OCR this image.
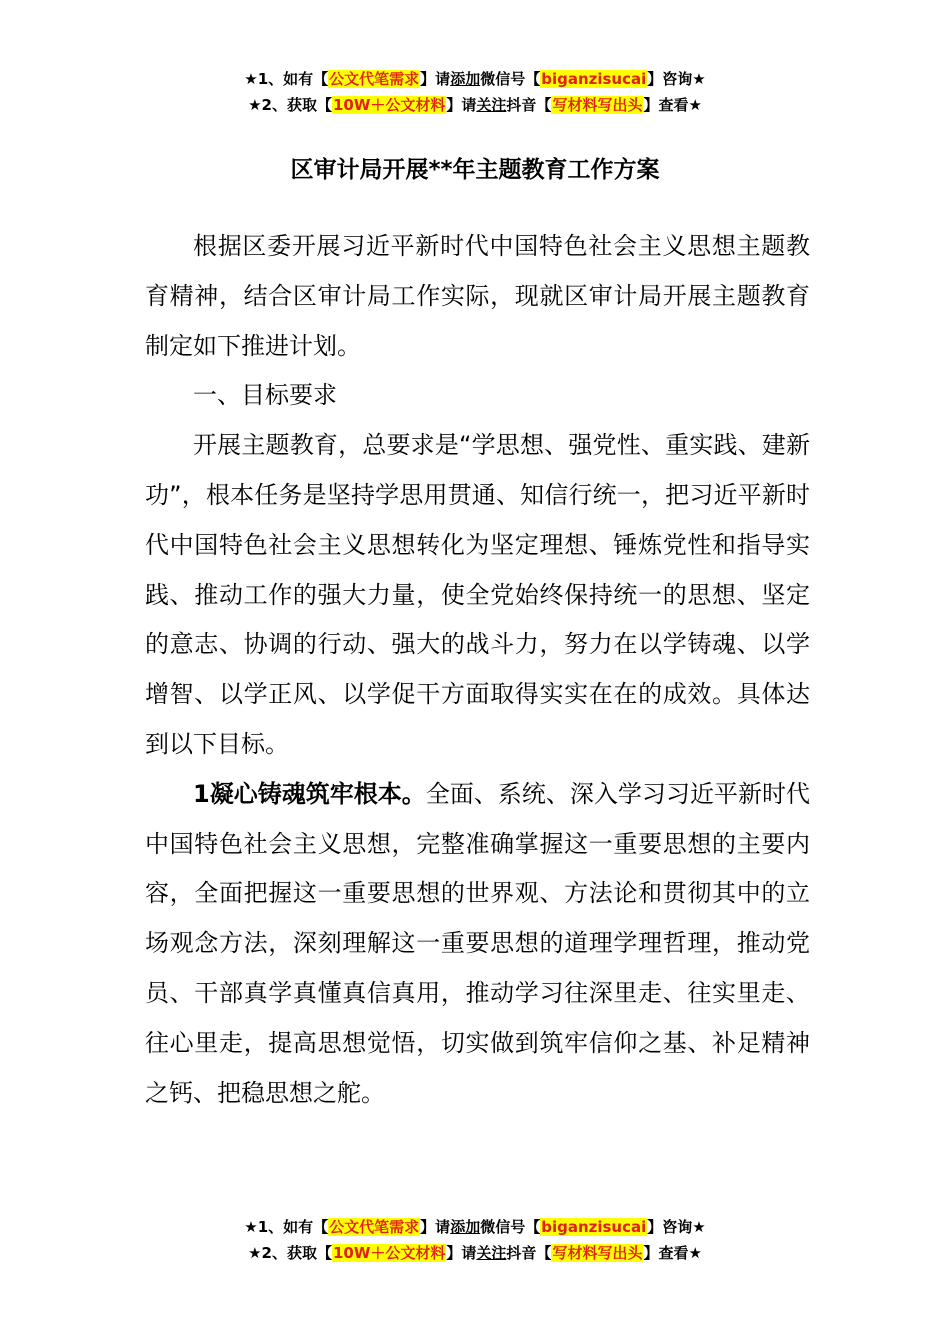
★1、如有【公文代笔需求】请添加微信号【biganzisucai】咨询★
★2、获取【10W＋公文材料】请关注抖音【写材料写出头】查看★
区审计局开展**年主题教育工作方案

根据区委开展习近平新时代中国特色社会主义思想主题教育精神，结合区审计局工作实际，现就区审计局开展主题教育制定如下推进计划。

一、目标要求

开展主题教育，总要求是“学思想、强党性、重实践、建新功”，根本任务是坚持学思用贯通、知信行统一，把习近平新时代中国特色社会主义思想转化为坚定理想、锤炼党性和指导实践、推动工作的强大力量，使全党始终保持统一的思想、坚定的意志、协调的行动、强大的战斗力，努力在以学铸魂、以学增智、以学正风、以学促干方面取得实实在在的成效。具体达到以下目标。

1凝心铸魂筑牢根本。全面、系统、深入学习习近平新时代中国特色社会主义思想，完整准确掌握这一重要思想的主要内容，全面把握这一重要思想的世界观、方法论和贯彻其中的立场观念方法，深刻理解这一重要思想的道理学理哲理，推动党员、干部真学真懂真信真用，推动学习往深里走、往实里走、往心里走，提高思想觉悟，切实做到筑牢信仰之基、补足精神之钙、把稳思想之舵。

★1、如有【公文代笔需求】请添加微信号【biganzisucai】咨询★
★2、获取【10W＋公文材料】请关注抖音【写材料写出头】查看★
